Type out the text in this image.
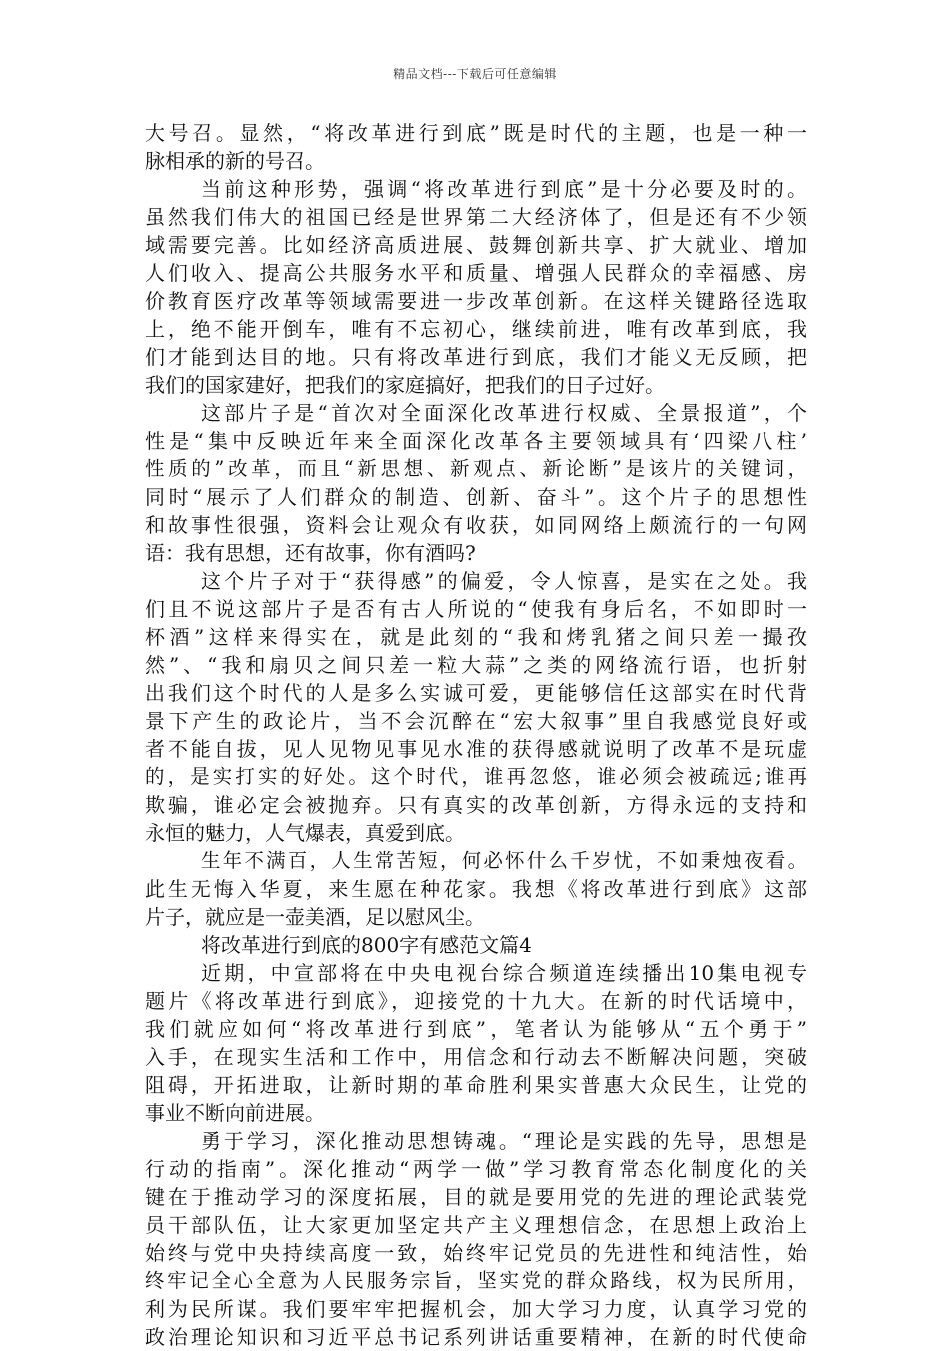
精品文档---下载后可任意编辑
大号召。显然，“将改革进行到底”既是时代的主题，也是一种一
脉相承的新的号召。
当前这种形势，强调“将改革进行到底”是十分必要及时的。
虽然我们伟大的祖国已经是世界第二大经济体了，但是还有不少领
域需要完善。比如经济高质进展、鼓舞创新共享、扩大就业、增加
人们收入、提高公共服务水平和质量、增强人民群众的幸福感、房
价教育医疗改革等领域需要进一步改革创新。在这样关键路径选取
上，绝不能开倒车，唯有不忘初心，继续前进，唯有改革到底，我
们才能到达目的地。只有将改革进行到底，我们才能义无反顾，把
我们的国家建好，把我们的家庭搞好，把我们的日子过好。
这部片子是“首次对全面深化改革进行权威、全景报道”，个
性是“集中反映近年来全面深化改革各主要领域具有‘四梁八柱’
性质的”改革，而且“新思想、新观点、新论断”是该片的关键词，
同时“展示了人们群众的制造、创新、奋斗”。这个片子的思想性
和故事性很强，资料会让观众有收获，如同网络上颇流行的一句网
语：我有思想，还有故事，你有酒吗?
这个片子对于“获得感”的偏爱，令人惊喜，是实在之处。我
们且不说这部片子是否有古人所说的“使我有身后名，不如即时一
杯酒”这样来得实在，就是此刻的“我和烤乳猪之间只差一撮孜
然”、“我和扇贝之间只差一粒大蒜”之类的网络流行语，也折射
出我们这个时代的人是多么实诚可爱，更能够信任这部实在时代背
景下产生的政论片，当不会沉醉在“宏大叙事”里自我感觉良好或
者不能自拔，见人见物见事见水准的获得感就说明了改革不是玩虚
的，是实打实的好处。这个时代，谁再忽悠，谁必须会被疏远;谁再
欺骗，谁必定会被抛弃。只有真实的改革创新，方得永远的支持和
永恒的魅力，人气爆表，真爱到底。
生年不满百，人生常苦短，何必怀什么千岁忧，不如秉烛夜看。
此生无悔入华夏，来生愿在种花家。我想《将改革进行到底》这部
片子，就应是一壶美酒，足以慰风尘。
将改革进行到底的800字有感范文篇4
近期，中宣部将在中央电视台综合频道连续播出10集电视专
题片《将改革进行到底》，迎接党的十九大。在新的时代话境中，
我们就应如何“将改革进行到底”，笔者认为能够从“五个勇于”
入手，在现实生活和工作中，用信念和行动去不断解决问题，突破
阻碍，开拓进取，让新时期的革命胜利果实普惠大众民生，让党的
事业不断向前进展。
勇于学习，深化推动思想铸魂。“理论是实践的先导，思想是
行动的指南”。深化推动“两学一做”学习教育常态化制度化的关
键在于推动学习的深度拓展，目的就是要用党的先进的理论武装党
员干部队伍，让大家更加坚定共产主义理想信念，在思想上政治上
始终与党中央持续高度一致，始终牢记党员的先进性和纯洁性，始
终牢记全心全意为人民服务宗旨，坚实党的群众路线，权为民所用，
利为民所谋。我们要牢牢把握机会，加大学习力度，认真学习党的
政治理论知识和习近平总书记系列讲话重要精神，在新的时代使命
